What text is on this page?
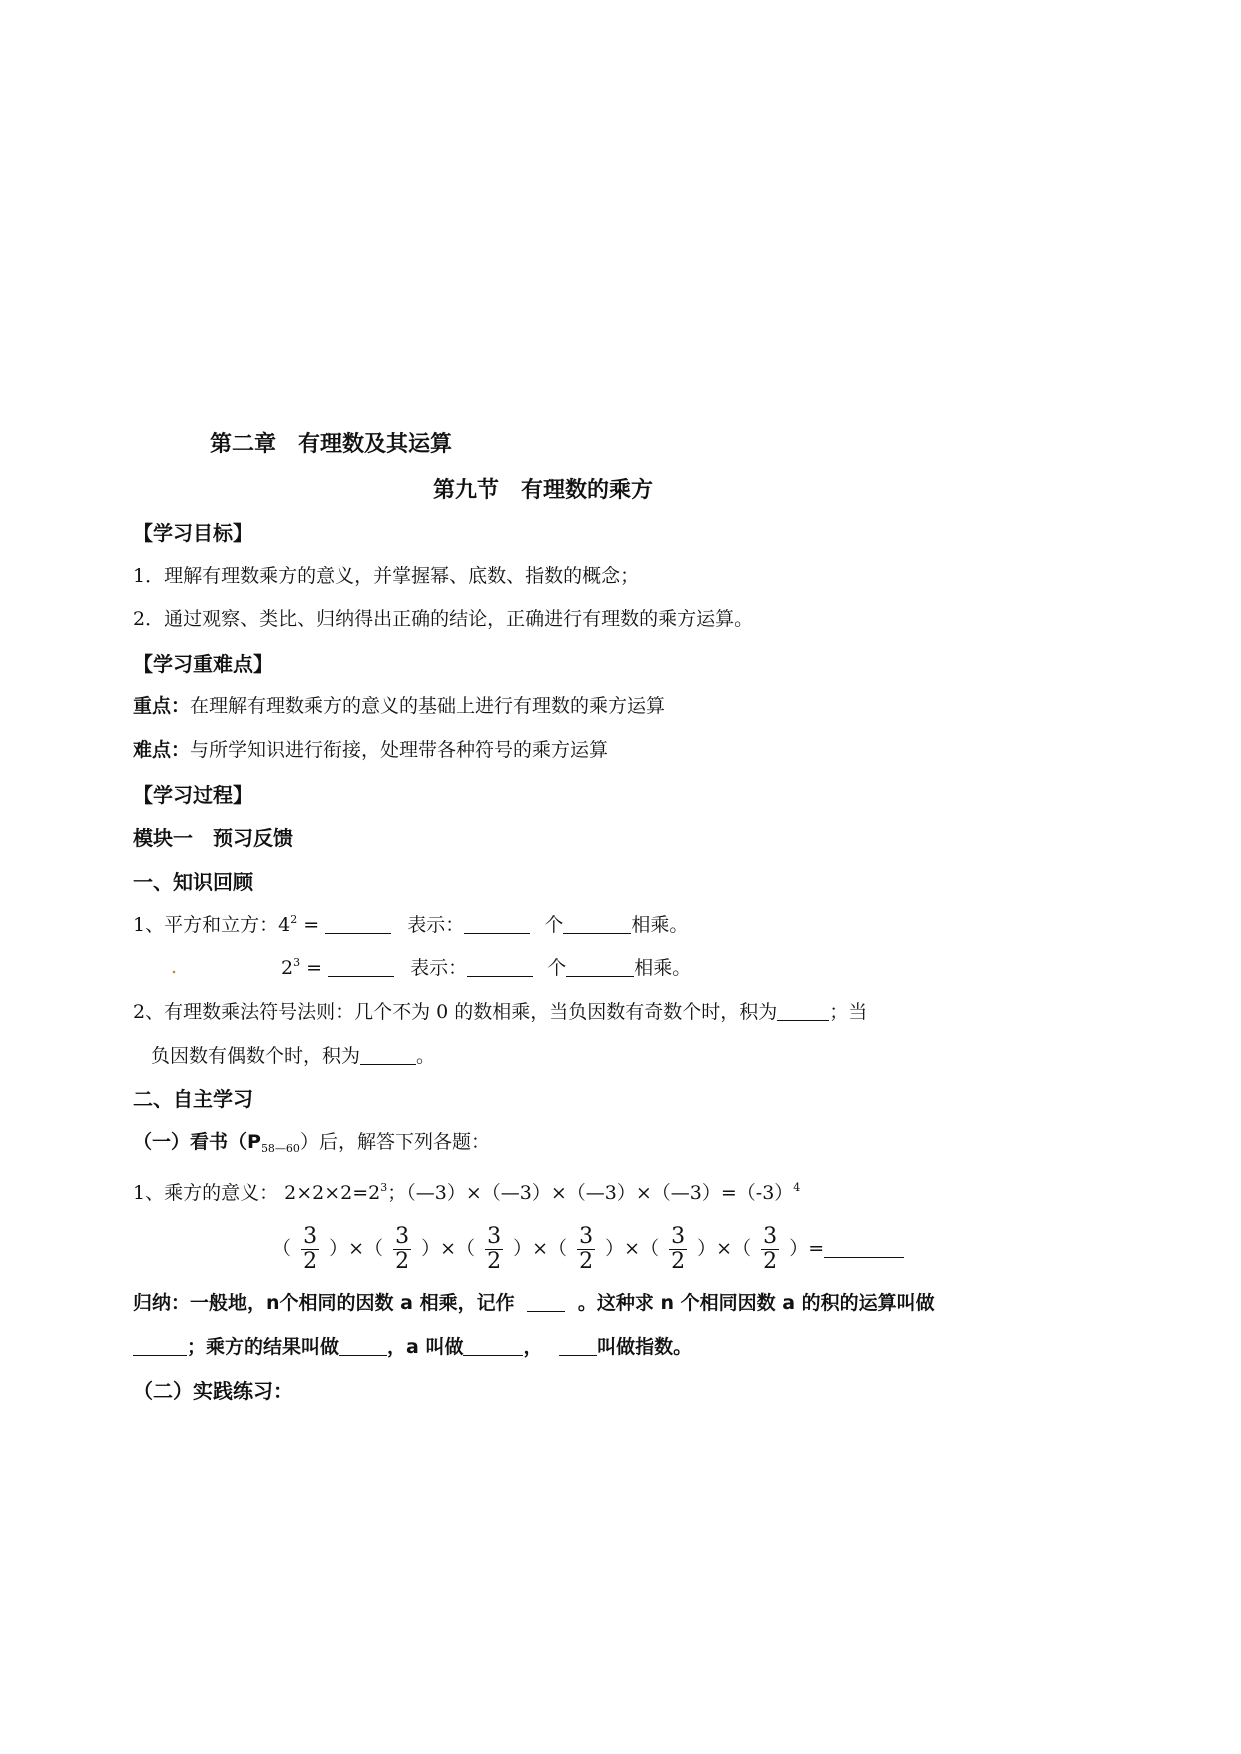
第二章　有理数及其运算
第九节　有理数的乘方
【学习目标】
1．理解有理数乘方的意义，并掌握幂、底数、指数的概念；
2．通过观察、类比、归纳得出正确的结论，正确进行有理数的乘方运算。
【学习重难点】
重点：在理解有理数乘方的意义的基础上进行有理数的乘方运算
难点：与所学知识进行衔接，处理带各种符号的乘方运算
【学习过程】
模块一　预习反馈
一、知识回顾
1、平方和立方：$4^2$ =	表示：	个	相乘。
.	$2^3$ =	表示：	个	相乘。
2、有理数乘法符号法则：几个不为 0 的数相乘，当负因数有奇数个时，积为	；当
负因数有偶数个时，积为	。
二、自主学习
（一）看书$(P_{58—60})$后，解答下列各题：
1、乘方的意义： $2\times 2\times 2=2^3$；$(—3)\times(—3)\times(—3)\times(—3)=(-3)^4$
（ $\frac{3}{2}$ ）×（ $\frac{3}{2}$ ）×（ $\frac{3}{2}$ ）×（ $\frac{3}{2}$ ）×（ $\frac{3}{2}$ ）×（ $\frac{3}{2}$ ）=
归纳：一般地，n个相同的因数 a 相乘，记作	。这种求 n 个相同因数 a 的积的运算叫做
；乘方的结果叫做	，a 叫做	，	叫做指数。
（二）实践练习：
